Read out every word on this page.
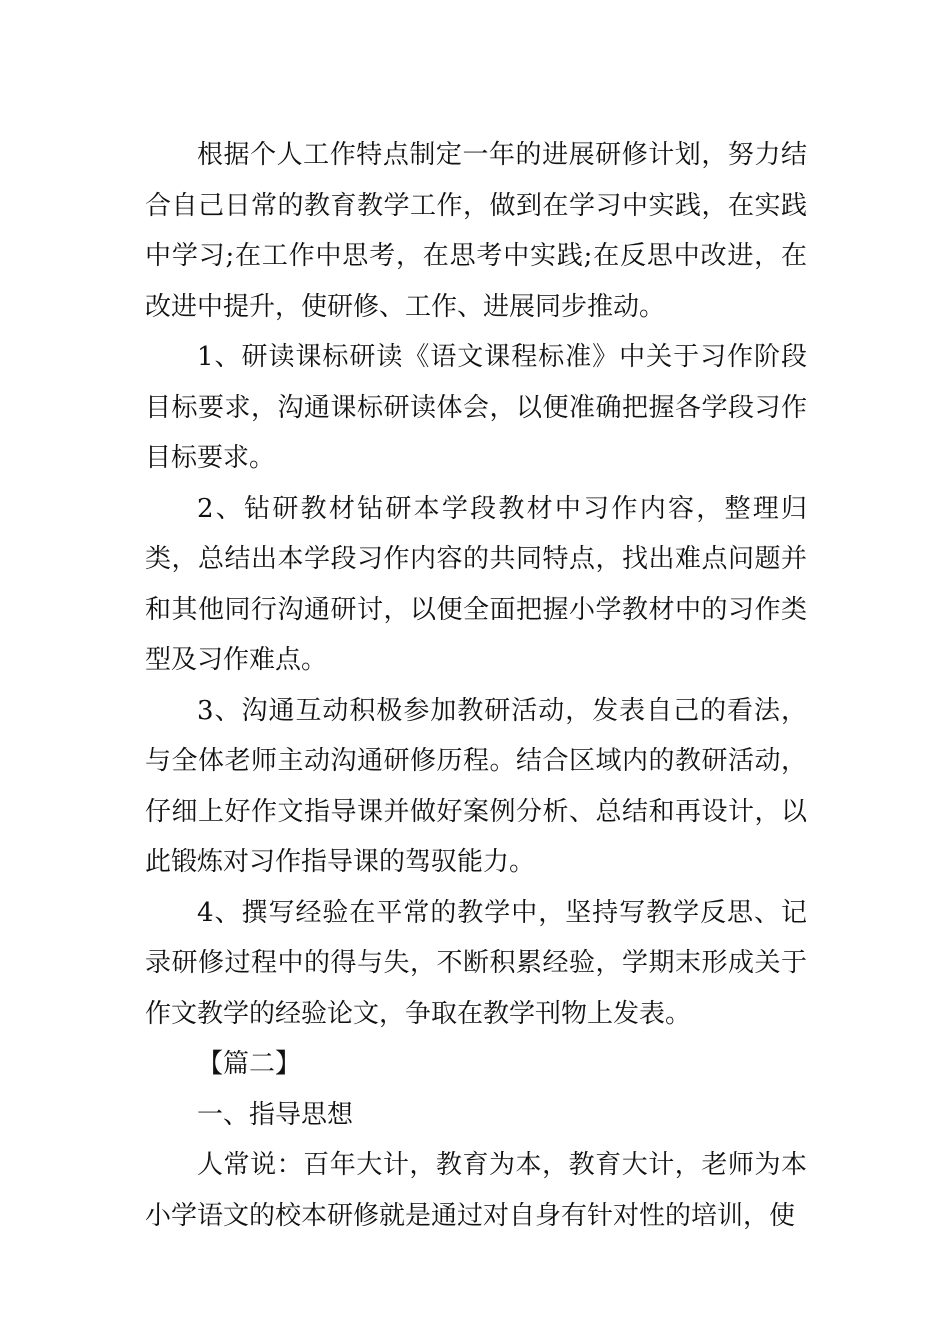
根据个人工作特点制定一年的进展研修计划，努力结合自己日常的教育教学工作，做到在学习中实践，在实践中学习;在工作中思考，在思考中实践;在反思中改进，在改进中提升，使研修、工作、进展同步推动。

1、研读课标研读《语文课程标准》中关于习作阶段目标要求，沟通课标研读体会，以便准确把握各学段习作目标要求。

2、钻研教材钻研本学段教材中习作内容，整理归类，总结出本学段习作内容的共同特点，找出难点问题并和其他同行沟通研讨，以便全面把握小学教材中的习作类型及习作难点。

3、沟通互动积极参加教研活动，发表自己的看法，与全体老师主动沟通研修历程。结合区域内的教研活动，仔细上好作文指导课并做好案例分析、总结和再设计，以此锻炼对习作指导课的驾驭能力。

4、撰写经验在平常的教学中，坚持写教学反思、记录研修过程中的得与失，不断积累经验，学期末形成关于作文教学的经验论文，争取在教学刊物上发表。

【篇二】

一、指导思想

人常说：百年大计，教育为本，教育大计，老师为本小学语文的校本研修就是通过对自身有针对性的培训，使
